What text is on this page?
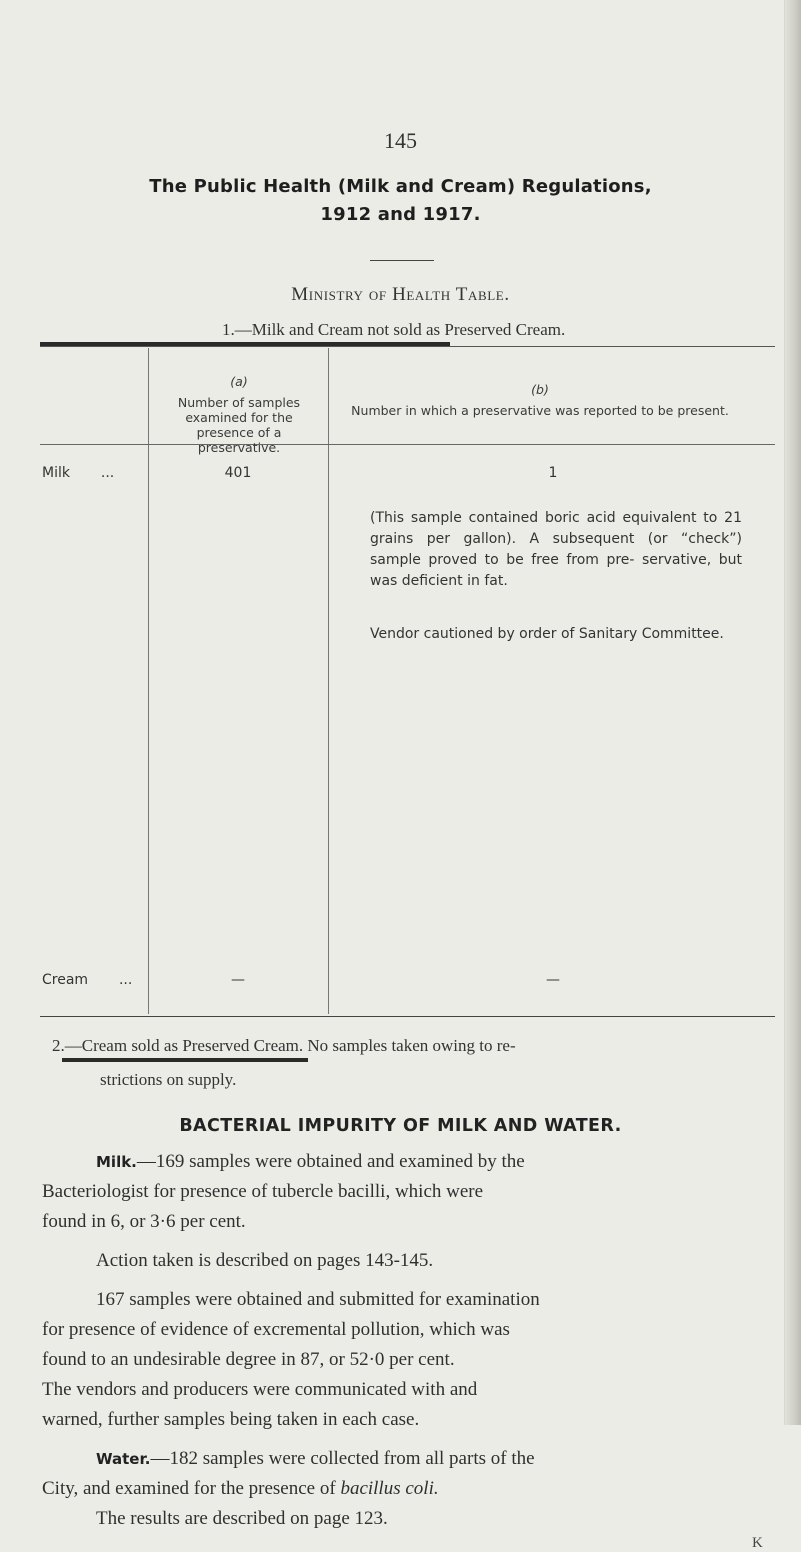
145
The Public Health (Milk and Cream) Regulations,
1912 and 1917.
Ministry of Health Table.
1.—Milk and Cream not sold as Preserved Cream.
(a)
Number of samples examined for the presence of a preservative.
(b)
Number in which a preservative was reported to be present.
Milk ...	401	1
(This sample contained boric acid equivalent to 21 grains per gallon). A subsequent (or “check”) sample proved to be free from pre- servative, but was deficient in fat.
Vendor cautioned by order of Sanitary Committee.
Cream ...	—	—
2.—Cream sold as Preserved Cream. No samples taken owing to re-
strictions on supply.
BACTERIAL IMPURITY OF MILK AND WATER.
Milk.—169 samples were obtained and examined by the
Bacteriologist for presence of tubercle bacilli, which were
found in 6, or 3·6 per cent.
Action taken is described on pages 143-145.
167 samples were obtained and submitted for examination
K
for presence of evidence of excremental pollution, which was
found to an undesirable degree in 87, or 52·0 per cent.
The vendors and producers were communicated with and
warned, further samples being taken in each case.
Water.—182 samples were collected from all parts of the
City, and examined for the presence of bacillus coli.
The results are described on page 123.
